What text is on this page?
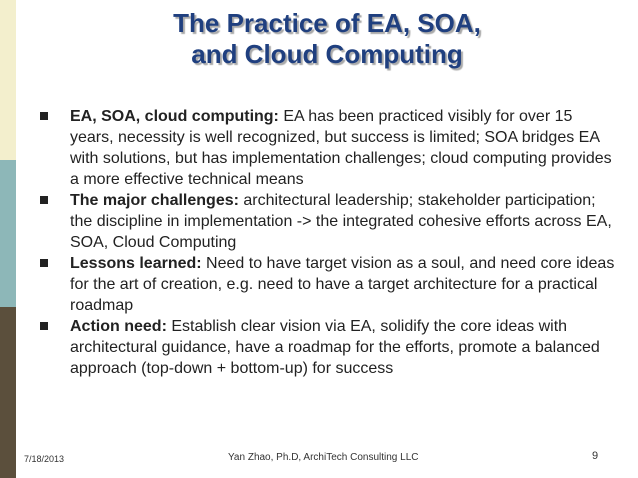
The Practice of EA, SOA,
and Cloud Computing
EA, SOA, cloud computing: EA has been practiced visibly for over 15 years, necessity is well recognized, but success is limited; SOA bridges EA with solutions, but has implementation challenges; cloud computing provides a more effective technical means
The major challenges: architectural leadership; stakeholder participation; the discipline in implementation -> the integrated cohesive efforts across EA, SOA, Cloud Computing
Lessons learned: Need to have target vision as a soul, and need core ideas for the art of creation, e.g. need to have a target architecture for a practical roadmap
Action need: Establish clear vision via EA, solidify the core ideas with architectural guidance, have a roadmap for the efforts, promote a balanced approach (top-down + bottom-up) for success
7/18/2013	Yan Zhao, Ph.D, ArchiTech Consulting LLC	9
